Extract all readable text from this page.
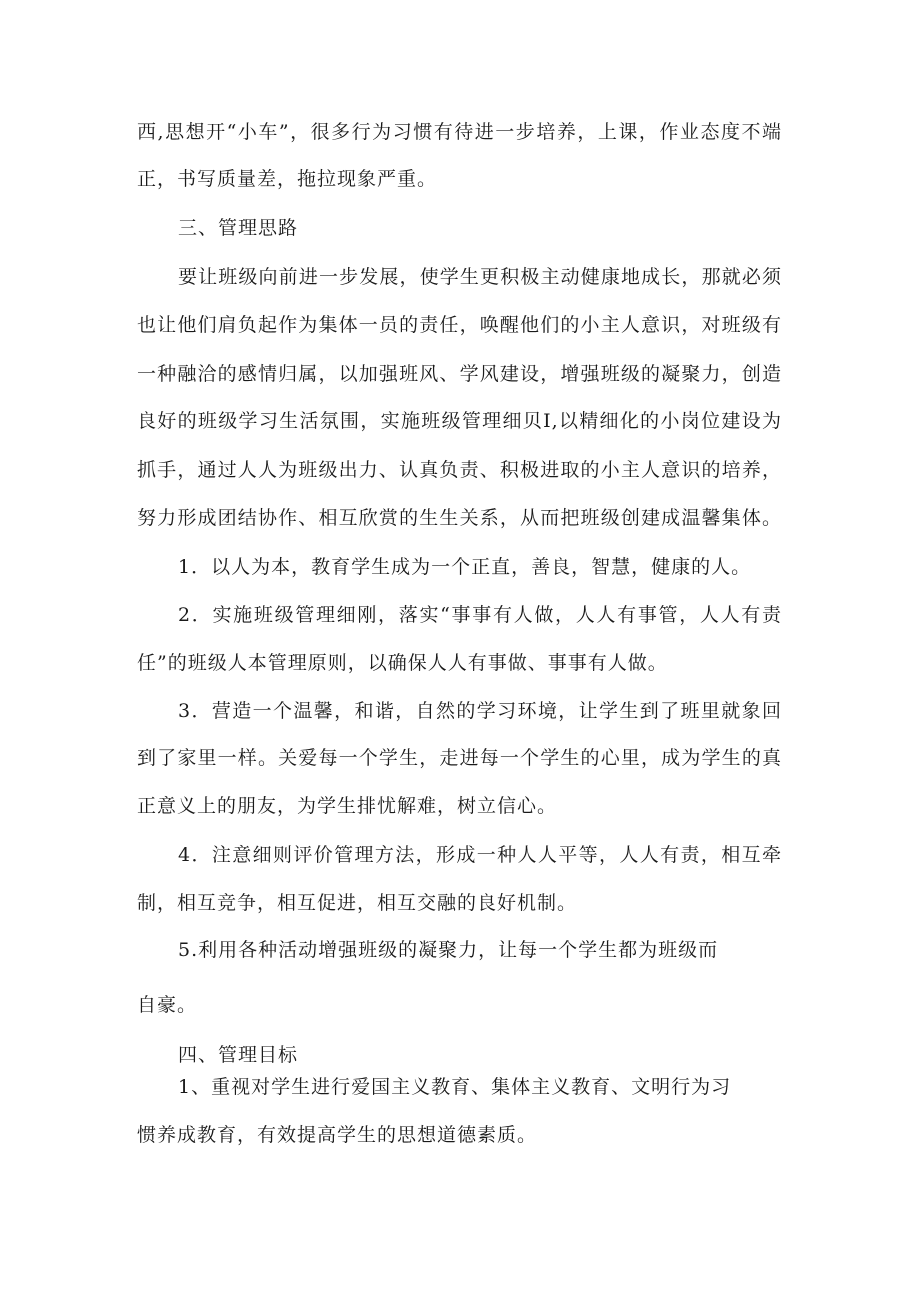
西,思想开“小车”，很多行为习惯有待进一步培养，上课，作业态度不端
正，书写质量差，拖拉现象严重。
三、管理思路
要让班级向前进一步发展，使学生更积极主动健康地成长，那就必须
也让他们肩负起作为集体一员的责任，唤醒他们的小主人意识，对班级有
一种融洽的感情归属，以加强班风、学风建设，增强班级的凝聚力，创造
良好的班级学习生活氛围，实施班级管理细贝I,以精细化的小岗位建设为
抓手，通过人人为班级出力、认真负责、积极进取的小主人意识的培养，
努力形成团结协作、相互欣赏的生生关系，从而把班级创建成温馨集体。
1．以人为本，教育学生成为一个正直，善良，智慧，健康的人。
2．实施班级管理细刚，落实“事事有人做，人人有事管，人人有责
任”的班级人本管理原则，以确保人人有事做、事事有人做。
3．营造一个温馨，和谐，自然的学习环境，让学生到了班里就象回
到了家里一样。关爱每一个学生，走进每一个学生的心里，成为学生的真
正意义上的朋友，为学生排忧解难，树立信心。
4．注意细则评价管理方法，形成一种人人平等，人人有责，相互牵
制，相互竞争，相互促进，相互交融的良好机制。
5.利用各种活动增强班级的凝聚力，让每一个学生都为班级而
自豪。
四、管理目标
1、重视对学生进行爱国主义教育、集体主义教育、文明行为习
惯养成教育，有效提高学生的思想道德素质。
